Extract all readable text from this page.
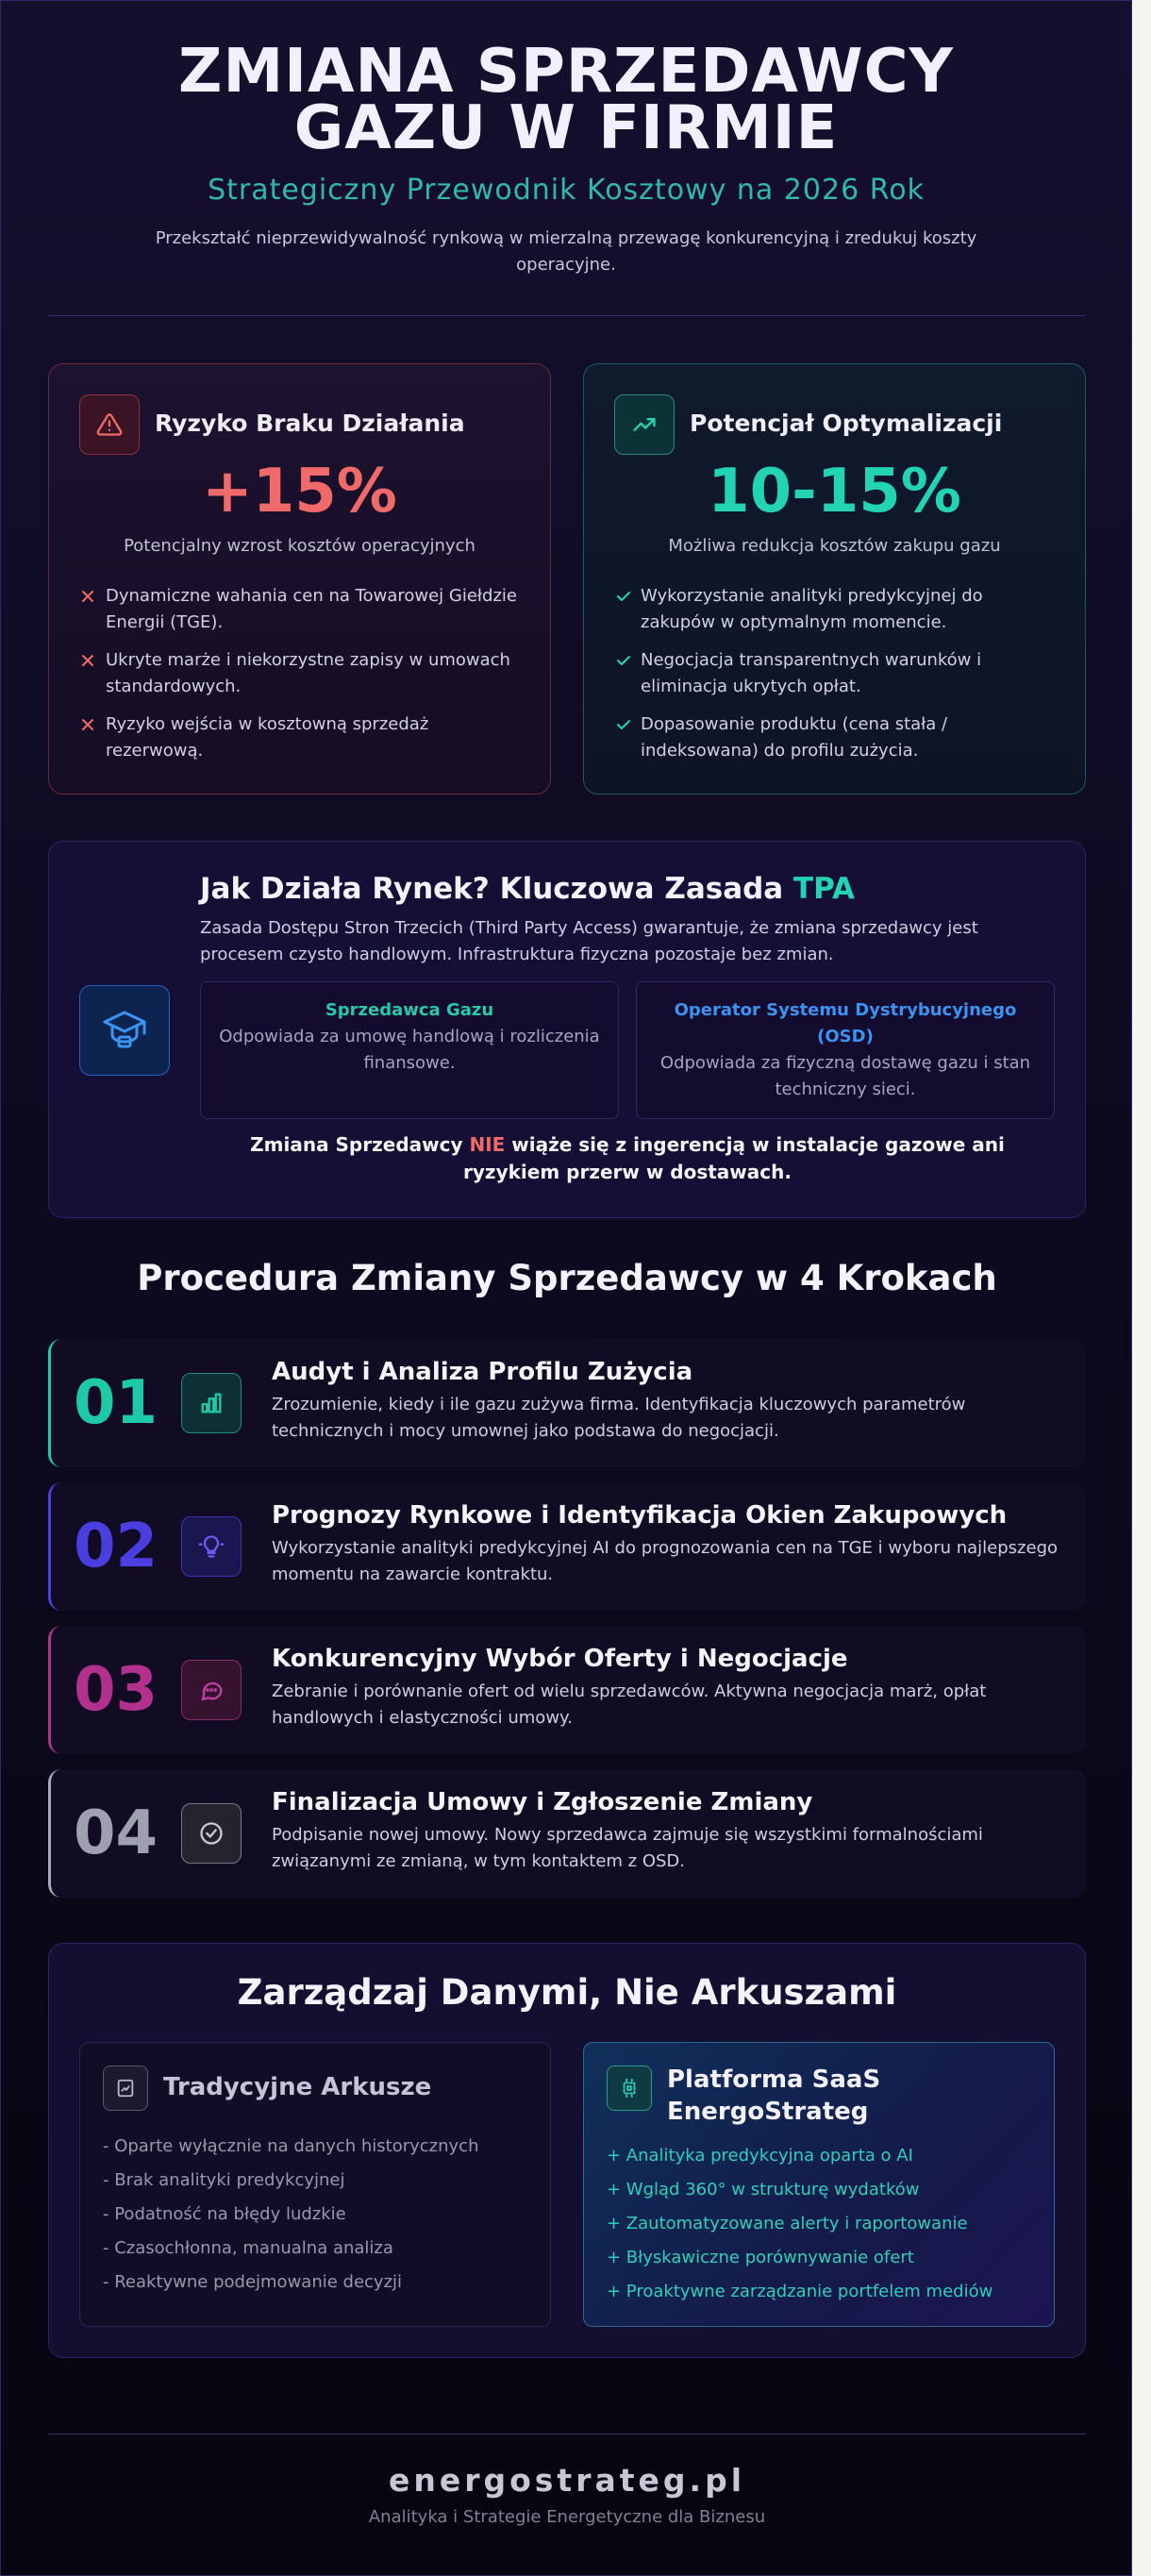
ZMIANA SPRZEDAWCY GAZU W FIRMIE
Strategiczny Przewodnik Kosztowy na 2026 Rok

Przekształć nieprzewidywalność rynkową w mierzalną przewagę konkurencyjną i zredukuj koszty operacyjne.

Ryzyko Braku Działania
+15%
Potencjalny wzrost kosztów operacyjnych
Dynamiczne wahania cen na Towarowej Giełdzie Energii (TGE).
Ukryte marże i niekorzystne zapisy w umowach standardowych.
Ryzyko wejścia w kosztowną sprzedaż rezerwową.
Potencjał Optymalizacji
10-15%
Możliwa redukcja kosztów zakupu gazu
Wykorzystanie analityki predykcyjnej do zakupów w optymalnym momencie.
Negocjacja transparentnych warunków i eliminacja ukrytych opłat.
Dopasowanie produktu (cena stała / indeksowana) do profilu zużycia.
Jak Działa Rynek? Kluczowa Zasada TPA

Zasada Dostępu Stron Trzecich (Third Party Access) gwarantuje, że zmiana sprzedawcy jest procesem czysto handlowym. Infrastruktura fizyczna pozostaje bez zmian.

Sprzedawca Gazu
Odpowiada za umowę handlową i rozliczenia finansowe.
Operator Systemu Dystrybucyjnego (OSD)
Odpowiada za fizyczną dostawę gazu i stan techniczny sieci.
Zmiana Sprzedawcy NIE wiąże się z ingerencją w instalacje gazowe ani ryzykiem przerw w dostawach.
Procedura Zmiany Sprzedawcy w 4 Krokach
01	Audyt i Analiza Profilu Zużycia
Zrozumienie, kiedy i ile gazu zużywa firma. Identyfikacja kluczowych parametrów technicznych i mocy umownej jako podstawa do negocjacji.
02	Prognozy Rynkowe i Identyfikacja Okien Zakupowych
Wykorzystanie analityki predykcyjnej AI do prognozowania cen na TGE i wyboru najlepszego momentu na zawarcie kontraktu.
03	Konkurencyjny Wybór Oferty i Negocjacje
Zebranie i porównanie ofert od wielu sprzedawców. Aktywna negocjacja marż, opłat handlowych i elastyczności umowy.
04	Finalizacja Umowy i Zgłoszenie Zmiany
Podpisanie nowej umowy. Nowy sprzedawca zajmuje się wszystkimi formalnościami związanymi ze zmianą, w tym kontaktem z OSD.
Zarządzaj Danymi, Nie Arkuszami
Tradycyjne Arkusze
- Oparte wyłącznie na danych historycznych
- Brak analityki predykcyjnej
- Podatność na błędy ludzkie
- Czasochłonna, manualna analiza
- Reaktywne podejmowanie decyzji
Platforma SaaS EnergoStrateg
+ Analityka predykcyjna oparta o AI
+ Wgląd 360° w strukturę wydatków
+ Zautomatyzowane alerty i raportowanie
+ Błyskawiczne porównywanie ofert
+ Proaktywne zarządzanie portfelem mediów
energostrateg.pl
Analityka i Strategie Energetyczne dla Biznesu
